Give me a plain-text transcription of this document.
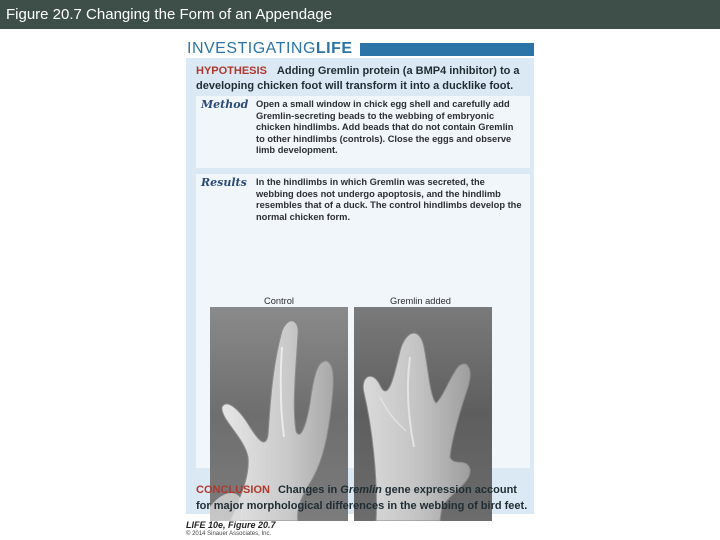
Figure 20.7 Changing the Form of an Appendage
INVESTIGATINGLIFE
HYPOTHESIS Adding Gremlin protein (a BMP4 inhibitor) to a developing chicken foot will transform it into a ducklike foot.
Method Open a small window in chick egg shell and carefully add Gremlin-secreting beads to the webbing of embryonic chicken hindlimbs. Add beads that do not contain Gremlin to other hindlimbs (controls). Close the eggs and observe limb development.
Results In the hindlimbs in which Gremlin was secreted, the webbing does not undergo apoptosis, and the hindlimb resembles that of a duck. The control hindlimbs develop the normal chicken form.
Control	Gremlin added
CONCLUSION Changes in Gremlin gene expression account for major morphological differences in the webbing of bird feet.
LIFE 10e, Figure 20.7
© 2014 Sinauer Associates, Inc.
